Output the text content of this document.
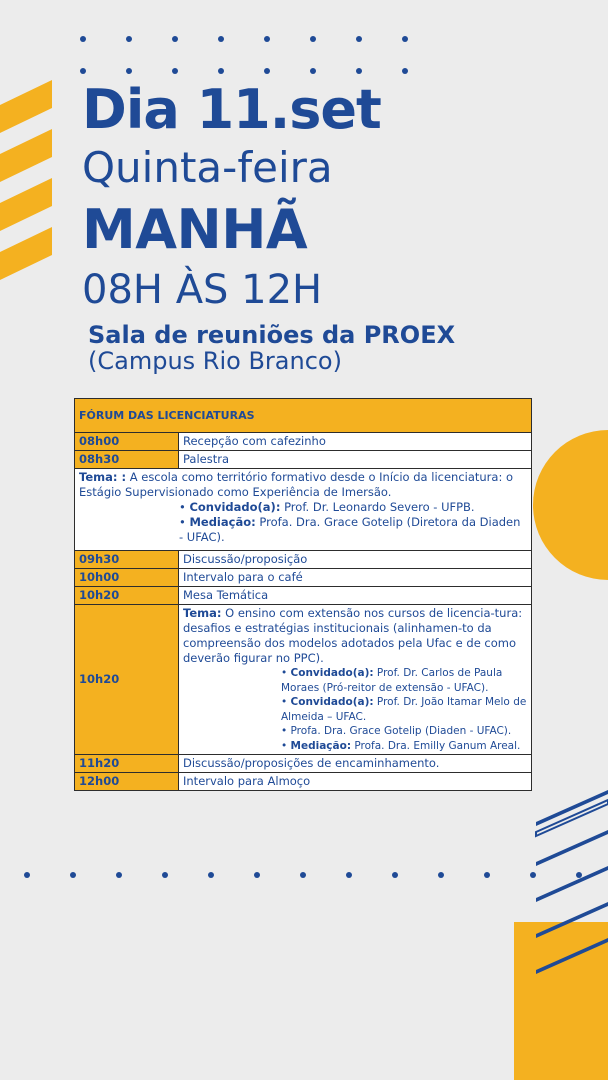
Dia 11.set
Quinta-feira
MANHÃ
08H ÀS 12H
Sala de reuniões da PROEX
(Campus Rio Branco)
FÓRUM DAS LICENCIATURAS	
08h00	Recepção com cafezinho
08h30	Palestra

Tema: : A escola como território formativo desde o Início da licenciatura: o Estágio Supervisionado como Experiência de Imersão.
• Convidado(a): Prof. Dr. Leonardo Severo - UFPB.
• Mediação: Profa. Dra. Grace Gotelip (Diretora da Diaden - UFAC).	

09h30	Discussão/proposição
10h00	Intervalo para o café
10h20	Mesa Temática
10h20	Tema: O ensino com extensão nos cursos de licencia-tura: desafios e estratégias institucionais (alinhamen-to da compreensão dos modelos adotados pela Ufac e de como deverão figurar no PPC).
• Convidado(a): Prof. Dr. Carlos de Paula Moraes (Pró-reitor de extensão - UFAC).
• Convidado(a): Prof. Dr. João Itamar Melo de Almeida – UFAC.
• Profa. Dra. Grace Gotelip (Diaden - UFAC).
• Mediação: Profa. Dra. Emilly Ganum Areal.

11h20	Discussão/proposições de encaminhamento.
12h00	Intervalo para Almoço
